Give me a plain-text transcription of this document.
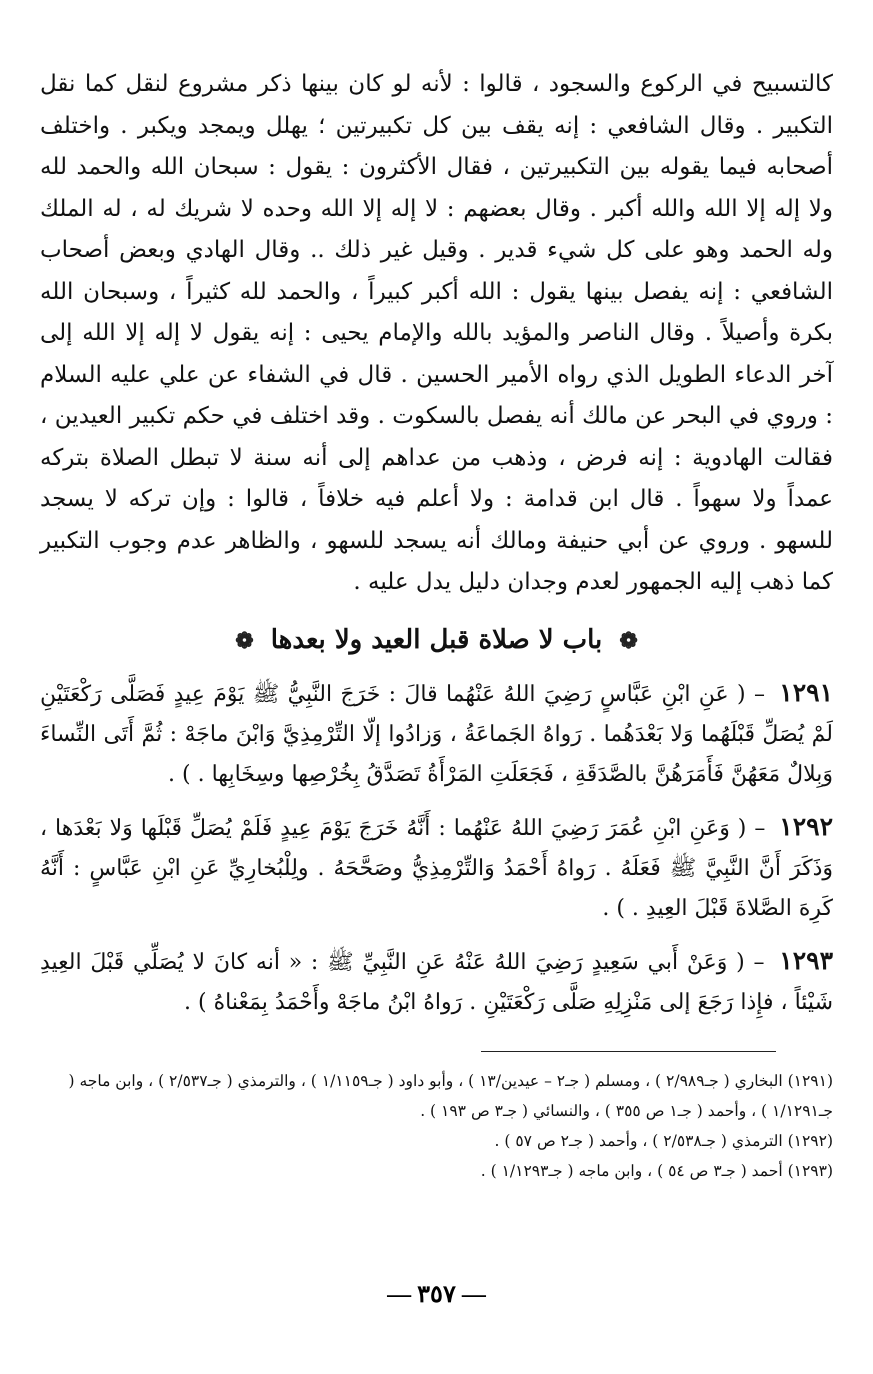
كالتسبيح في الركوع والسجود ، قالوا : لأنه لو كان بينها ذكر مشروع لنقل كما نقل التكبير . وقال الشافعي : إنه يقف بين كل تكبيرتين ؛ يهلل ويمجد ويكبر . واختلف أصحابه فيما يقوله بين التكبيرتين ، فقال الأكثرون : يقول : سبحان الله والحمد لله ولا إله إلا الله والله أكبر . وقال بعضهم : لا إله إلا الله وحده لا شريك له ، له الملك وله الحمد وهو على كل شيء قدير . وقيل غير ذلك .. وقال الهادي وبعض أصحاب الشافعي : إنه يفصل بينها يقول : الله أكبر كبيراً ، والحمد لله كثيراً ، وسبحان الله بكرة وأصيلاً . وقال الناصر والمؤيد بالله والإمام يحيى : إنه يقول لا إله إلا الله إلى آخر الدعاء الطويل الذي رواه الأمير الحسين . قال في الشفاء عن علي عليه السلام : وروي في البحر عن مالك أنه يفصل بالسكوت . وقد اختلف في حكم تكبير العيدين ، فقالت الهادوية : إنه فرض ، وذهب من عداهم إلى أنه سنة لا تبطل الصلاة بتركه عمداً ولا سهواً . قال ابن قدامة : ولا أعلم فيه خلافاً ، قالوا : وإن تركه لا يسجد للسهو . وروي عن أبي حنيفة ومالك أنه يسجد للسهو ، والظاهر عدم وجوب التكبير كما ذهب إليه الجمهور لعدم وجدان دليل يدل عليه .

❁ باب لا صلاة قبل العيد ولا بعدها ❁

١٢٩١ – ( عَنِ ابْنِ عَبَّاسٍ رَضِيَ اللهُ عَنْهُما قالَ : خَرَجَ النَّبِيُّ ﷺ يَوْمَ عِيدٍ فَصَلَّى رَكْعَتَيْنِ لَمْ يُصَلِّ قَبْلَهُما وَلا بَعْدَهُما . رَواهُ الجَماعَةُ ، وَزادُوا إلّا التِّرْمِذِيَّ وَابْنَ ماجَهْ : ثُمَّ أَتَى النِّساءَ وَبِلالٌ مَعَهُنَّ فَأَمَرَهُنَّ بالصَّدَقَةِ ، فَجَعَلَتِ المَرْأَةُ تَصَدَّقُ بِخُرْصِها وسِخَابِها . ) .

١٢٩٢ – ( وَعَنِ ابْنِ عُمَرَ رَضِيَ اللهُ عَنْهُما : أَنَّهُ خَرَجَ يَوْمَ عِيدٍ فَلَمْ يُصَلِّ قَبْلَها وَلا بَعْدَها ، وَذَكَرَ أَنَّ النَّبِيَّ ﷺ فَعَلَهُ . رَواهُ أَحْمَدُ وَالتِّرْمِذِيُّ وصَحَّحَهُ . ولِلْبُخارِيِّ عَنِ ابْنِ عَبَّاسٍ : أَنَّهُ كَرِهَ الصَّلاةَ قَبْلَ العِيدِ . ) .

١٢٩٣ – ( وَعَنْ أَبي سَعِيدٍ رَضِيَ اللهُ عَنْهُ عَنِ النَّبِيِّ ﷺ : « أنه كانَ لا يُصَلِّي قَبْلَ العِيدِ شَيْئاً ، فإِذا رَجَعَ إلى مَنْزِلِهِ صَلَّى رَكْعَتَيْنِ . رَواهُ ابْنُ ماجَهْ وأَحْمَدُ بِمَعْناهُ ) .

(١٢٩١) البخاري ( جـ٢/٩٨٩ ) ، ومسلم ( جـ٢ – عيدين/١٣ ) ، وأبو داود ( جـ١/١١٥٩ ) ، والترمذي ( جـ٢/٥٣٧ ) ، وابن ماجه ( جـ١/١٢٩١ ) ، وأحمد ( جـ١ ص ٣٥٥ ) ، والنسائي ( جـ٣ ص ١٩٣ ) .

(١٢٩٢) الترمذي ( جـ٢/٥٣٨ ) ، وأحمد ( جـ٢ ص ٥٧ ) .

(١٢٩٣) أحمد ( جـ٣ ص ٥٤ ) ، وابن ماجه ( جـ١/١٢٩٣ ) .

— ٣٥٧ —
